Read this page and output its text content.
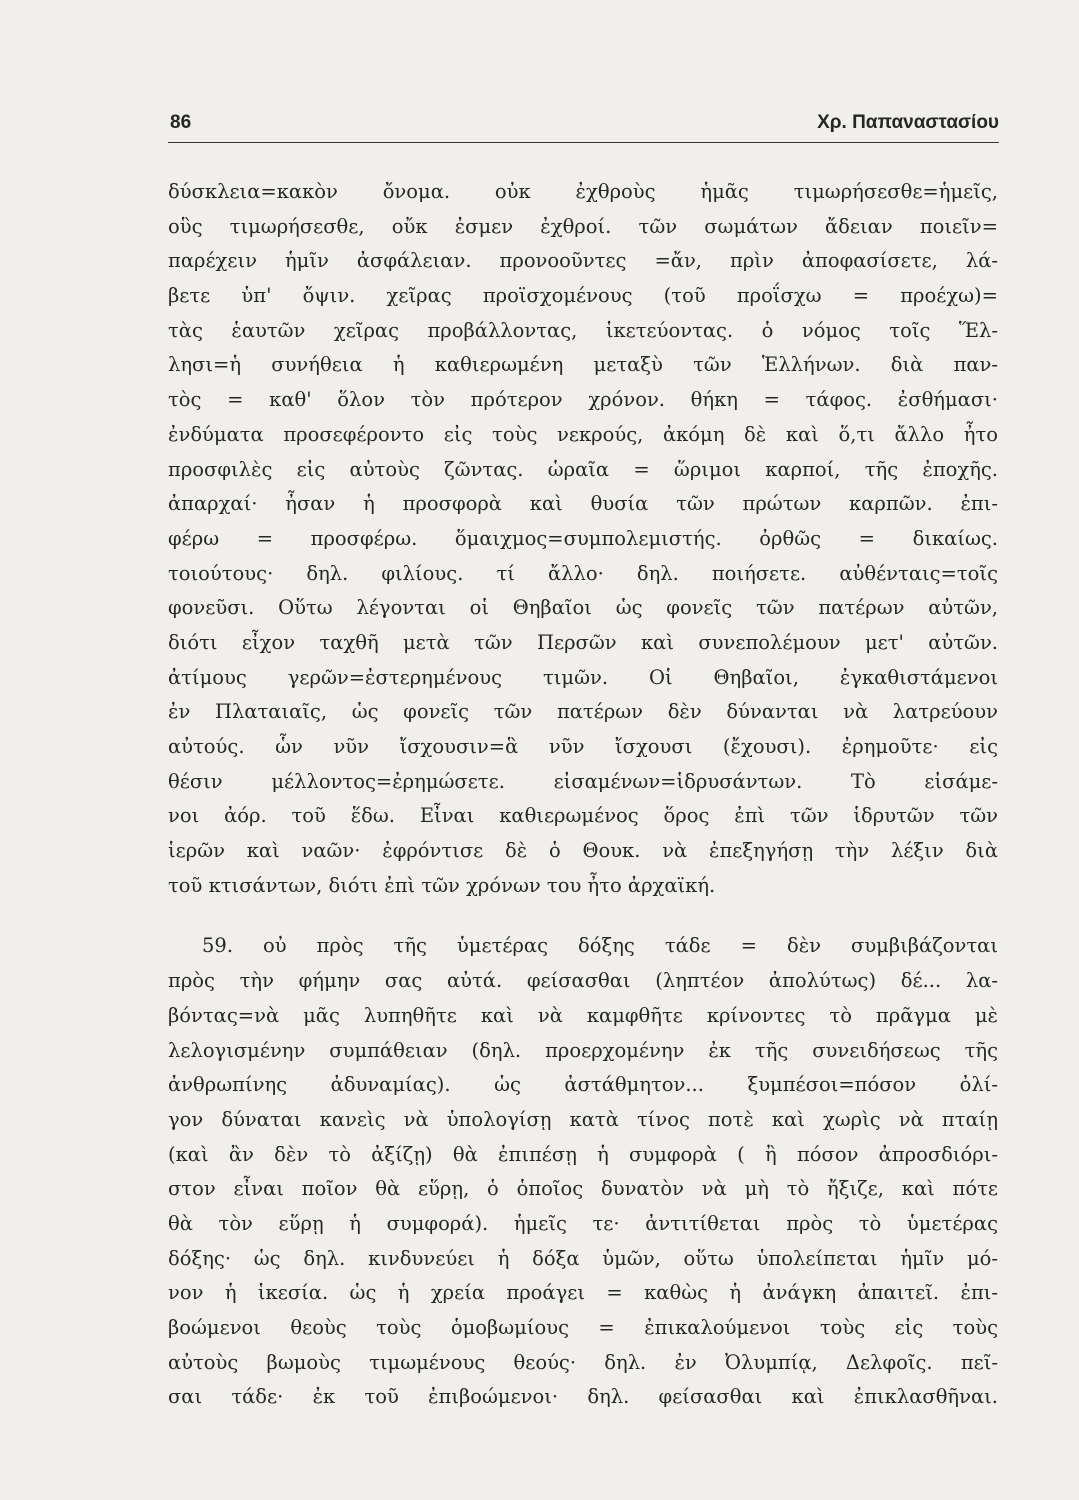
86	Χρ. Παπαναστασίου
δύσκλεια=κακὸν ὄνομα. οὐκ ἐχθροὺς ἡμᾶς τιμωρήσεσθε=ἡμεῖς,
οὓς τιμωρήσεσθε, οὔκ ἐσμεν ἐχθροί. τῶν σωμάτων ἄδειαν ποιεῖν=
παρέχειν ἡμῖν ἀσφάλειαν. προνοοῦντες =ἄν, πρὶν ἀποφασίσετε, λά-
βετε ὑπ' ὄψιν. χεῖρας προϊσχομένους (τοῦ προΐσχω = προέχω)=
τὰς ἑαυτῶν χεῖρας προβάλλοντας, ἱκετεύοντας. ὁ νόμος τοῖς Ἕλ-
λησι=ἡ συνήθεια ἡ καθιερωμένη μεταξὺ τῶν Ἑλλήνων. διὰ παν-
τὸς = καθ' ὅλον τὸν πρότερον χρόνον. θήκη = τάφος. ἐσθήμασι·
ἐνδύματα προσεφέροντο εἰς τοὺς νεκρούς, ἀκόμη δὲ καὶ ὅ,τι ἄλλο ἦτο
προσφιλὲς εἰς αὐτοὺς ζῶντας. ὡραῖα = ὥριμοι καρποί, τῆς ἐποχῆς.
ἀπαρχαί· ἦσαν ἡ προσφορὰ καὶ θυσία τῶν πρώτων καρπῶν. ἐπι-
φέρω = προσφέρω. ὅμαιχμος=συμπολεμιστής. ὀρθῶς = δικαίως.
τοιούτους· δηλ. φιλίους. τί ἄλλο· δηλ. ποιήσετε. αὐθένταις=τοῖς
φονεῦσι. Οὕτω λέγονται οἱ Θηβαῖοι ὡς φονεῖς τῶν πατέρων αὐτῶν,
διότι εἶχον ταχθῆ μετὰ τῶν Περσῶν καὶ συνεπολέμουν μετ' αὐτῶν.
ἀτίμους γερῶν=ἐστερημένους τιμῶν. Οἱ Θηβαῖοι, ἐγκαθιστάμενοι
ἐν Πλαταιαῖς, ὡς φονεῖς τῶν πατέρων δὲν δύνανται νὰ λατρεύουν
αὐτούς. ὧν νῦν ἴσχουσιν=ἃ νῦν ἴσχουσι (ἔχουσι). ἐρημοῦτε· εἰς
θέσιν μέλλοντος=ἐρημώσετε. εἰσαμένων=ἱδρυσάντων. Τὸ εἰσάμε-
νοι ἀόρ. τοῦ ἕδω. Εἶναι καθιερωμένος ὅρος ἐπὶ τῶν ἱδρυτῶν τῶν
ἱερῶν καὶ ναῶν· ἐφρόντισε δὲ ὁ Θουκ. νὰ ἐπεξηγήσῃ τὴν λέξιν διὰ
τοῦ κτισάντων, διότι ἐπὶ τῶν χρόνων του ἦτο ἀρχαϊκή.
59. οὐ πρὸς τῆς ὑμετέρας δόξης τάδε = δὲν συμβιβάζονται
πρὸς τὴν φήμην σας αὐτά. φείσασθαι (ληπτέον ἀπολύτως) δέ... λα-
βόντας=νὰ μᾶς λυπηθῆτε καὶ νὰ καμφθῆτε κρίνοντες τὸ πρᾶγμα μὲ
λελογισμένην συμπάθειαν (δηλ. προερχομένην ἐκ τῆς συνειδήσεως τῆς
ἀνθρωπίνης ἀδυναμίας). ὡς ἀστάθμητον... ξυμπέσοι=πόσον ὀλί-
γον δύναται κανεὶς νὰ ὑπολογίσῃ κατὰ τίνος ποτὲ καὶ χωρὶς νὰ πταίῃ
(καὶ ἂν δὲν τὸ ἀξίζῃ) θὰ ἐπιπέσῃ ἡ συμφορὰ ( ἢ πόσον ἀπροσδιόρι-
στον εἶναι ποῖον θὰ εὕρῃ, ὁ ὁποῖος δυνατὸν νὰ μὴ τὸ ἤξιζε, καὶ πότε
θὰ τὸν εὕρῃ ἡ συμφορά). ἡμεῖς τε· ἀντιτίθεται πρὸς τὸ ὑμετέρας
δόξης· ὡς δηλ. κινδυνεύει ἡ δόξα ὑμῶν, οὕτω ὑπολείπεται ἡμῖν μό-
νον ἡ ἱκεσία. ὡς ἡ χρεία προάγει = καθὼς ἡ ἀνάγκη ἀπαιτεῖ. ἐπι-
βοώμενοι θεοὺς τοὺς ὁμοβωμίους = ἐπικαλούμενοι τοὺς εἰς τοὺς
αὐτοὺς βωμοὺς τιμωμένους θεούς· δηλ. ἐν Ὀλυμπίᾳ, Δελφοῖς. πεῖ-
σαι τάδε· ἐκ τοῦ ἐπιβοώμενοι· δηλ. φείσασθαι καὶ ἐπικλασθῆναι.
